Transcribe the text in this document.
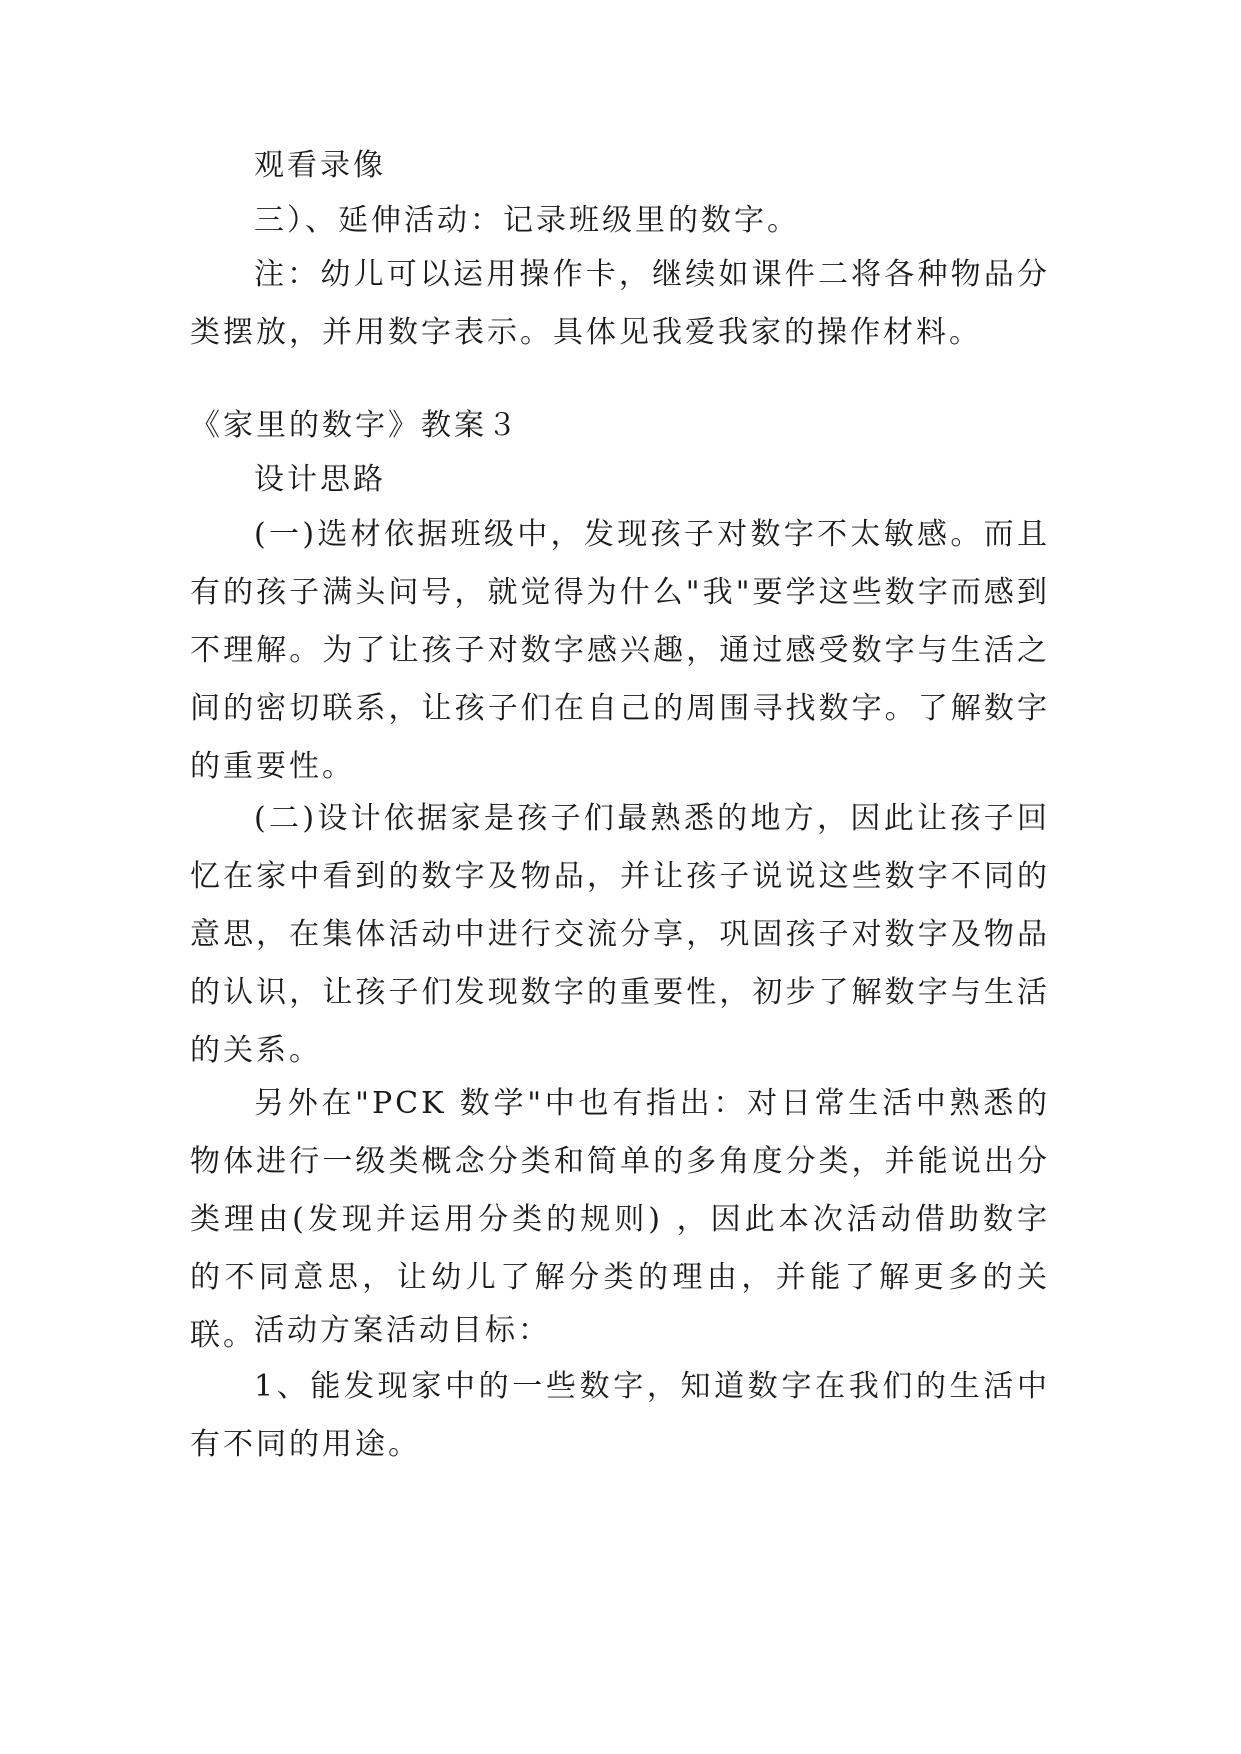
观看录像

三）、延伸活动：记录班级里的数字。

注：幼儿可以运用操作卡，继续如课件二将各种物品分类摆放，并用数字表示。具体见我爱我家的操作材料。

《家里的数字》教案３

设计思路

(一)选材依据班级中，发现孩子对数字不太敏感。而且有的孩子满头问号，就觉得为什么"我"要学这些数字而感到不理解。为了让孩子对数字感兴趣，通过感受数字与生活之间的密切联系，让孩子们在自己的周围寻找数字。了解数字的重要性。

(二)设计依据家是孩子们最熟悉的地方，因此让孩子回忆在家中看到的数字及物品，并让孩子说说这些数字不同的意思，在集体活动中进行交流分享，巩固孩子对数字及物品的认识，让孩子们发现数字的重要性，初步了解数字与生活的关系。

另外在"PCK 数学"中也有指出：对日常生活中熟悉的物体进行一级类概念分类和简单的多角度分类，并能说出分类理由(发现并运用分类的规则) ，因此本次活动借助数字的不同意思，让幼儿了解分类的理由，并能了解更多的关联。

活动方案活动目标：

1、能发现家中的一些数字，知道数字在我们的生活中有不同的用途。
